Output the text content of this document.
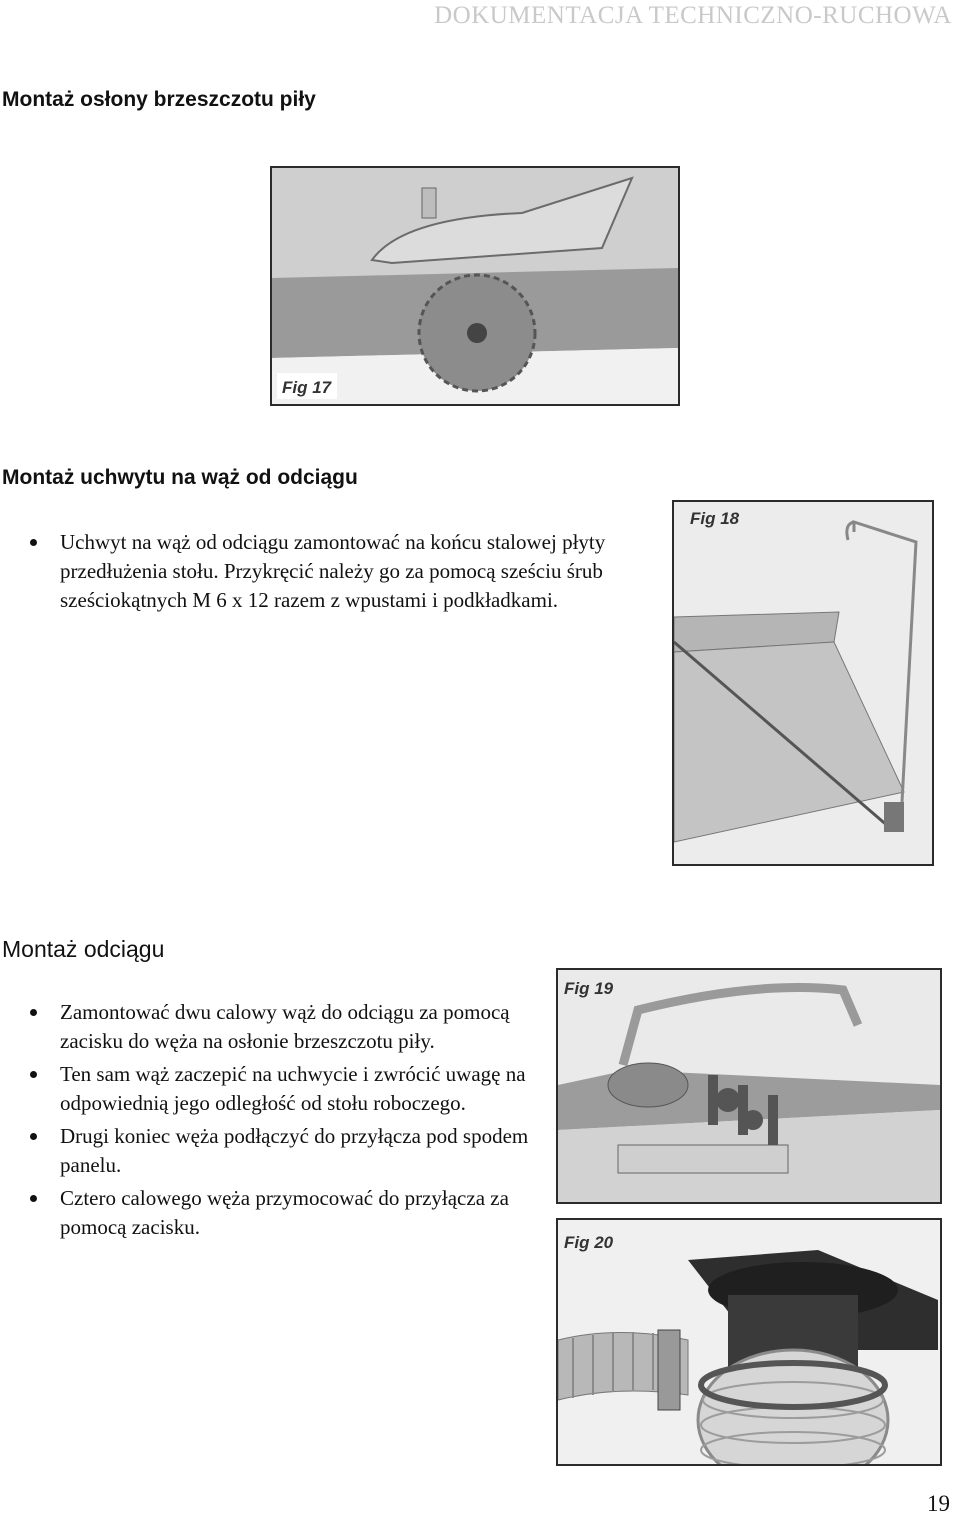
DOKUMENTACJA TECHNICZNO-RUCHOWA
Montaż osłony brzeszczotu piły
Fig 17
Montaż uchwytu na wąż od odciągu
Uchwyt na wąż od odciągu zamontować na końcu stalowej płyty przedłużenia stołu. Przykręcić należy go za pomocą sześciu śrub sześciokątnych M 6 x 12 razem z wpustami i podkładkami.
Fig 18
Montaż odciągu
Zamontować dwu calowy wąż do odciągu za pomocą zacisku do węża na osłonie brzeszczotu piły.
Ten sam wąż zaczepić na uchwycie i zwrócić uwagę na odpowiednią jego odległość od stołu roboczego.
Drugi koniec węża podłączyć do przyłącza pod spodem panelu.
Cztero calowego węża przymocować do przyłącza za pomocą zacisku.
Fig 19
Fig 20
19
